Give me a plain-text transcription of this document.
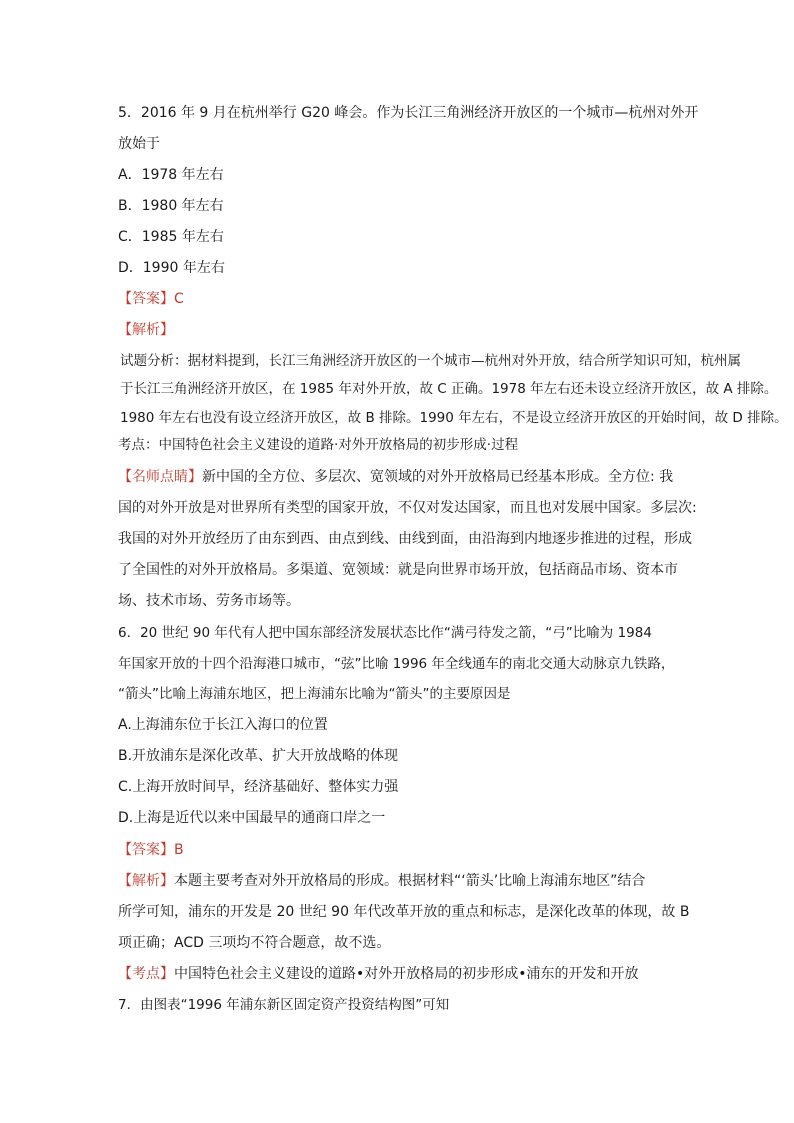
5．2016 年 9 月在杭州举行 G20 峰会。作为长江三角洲经济开放区的一个城市—杭州对外开
放始于
A．1978 年左右
B．1980 年左右
C．1985 年左右
D．1990 年左右
【答案】C
【解析】
试题分析：据材料提到，长江三角洲经济开放区的一个城市—杭州对外开放，结合所学知识可知，杭州属
于长江三角洲经济开放区，在 1985 年对外开放，故 C 正确。1978 年左右还未设立经济开放区，故 A 排除。
1980 年左右也没有设立经济开放区，故 B 排除。1990 年左右，不是设立经济开放区的开始时间，故 D 排除。
考点：中国特色社会主义建设的道路·对外开放格局的初步形成·过程
【名师点睛】新中国的全方位、多层次、宽领域的对外开放格局已经基本形成。全方位: 我
国的对外开放是对世界所有类型的国家开放，不仅对发达国家，而且也对发展中国家。多层次:
我国的对外开放经历了由东到西、由点到线、由线到面，由沿海到内地逐步推进的过程，形成
了全国性的对外开放格局。多渠道、宽领域：就是向世界市场开放，包括商品市场、资本市
场、技术市场、劳务市场等。
6．20 世纪 90 年代有人把中国东部经济发展状态比作“满弓待发之箭，“弓”比喻为 1984
年国家开放的十四个沿海港口城市，“弦”比喻 1996 年全线通车的南北交通大动脉京九铁路，
“箭头”比喻上海浦东地区，把上海浦东比喻为“箭头”的主要原因是
A.上海浦东位于长江入海口的位置
B.开放浦东是深化改革、扩大开放战略的体现
C.上海开放时间早，经济基础好、整体实力强
D.上海是近代以来中国最早的通商口岸之一
【答案】B
【解析】本题主要考查对外开放格局的形成。根据材料“‘箭头’比喻上海浦东地区”结合
所学可知，浦东的开发是 20 世纪 90 年代改革开放的重点和标志，是深化改革的体现，故 B
项正确；ACD 三项均不符合题意，故不选。
【考点】中国特色社会主义建设的道路•对外开放格局的初步形成•浦东的开发和开放
7．由图表“1996 年浦东新区固定资产投资结构图”可知
